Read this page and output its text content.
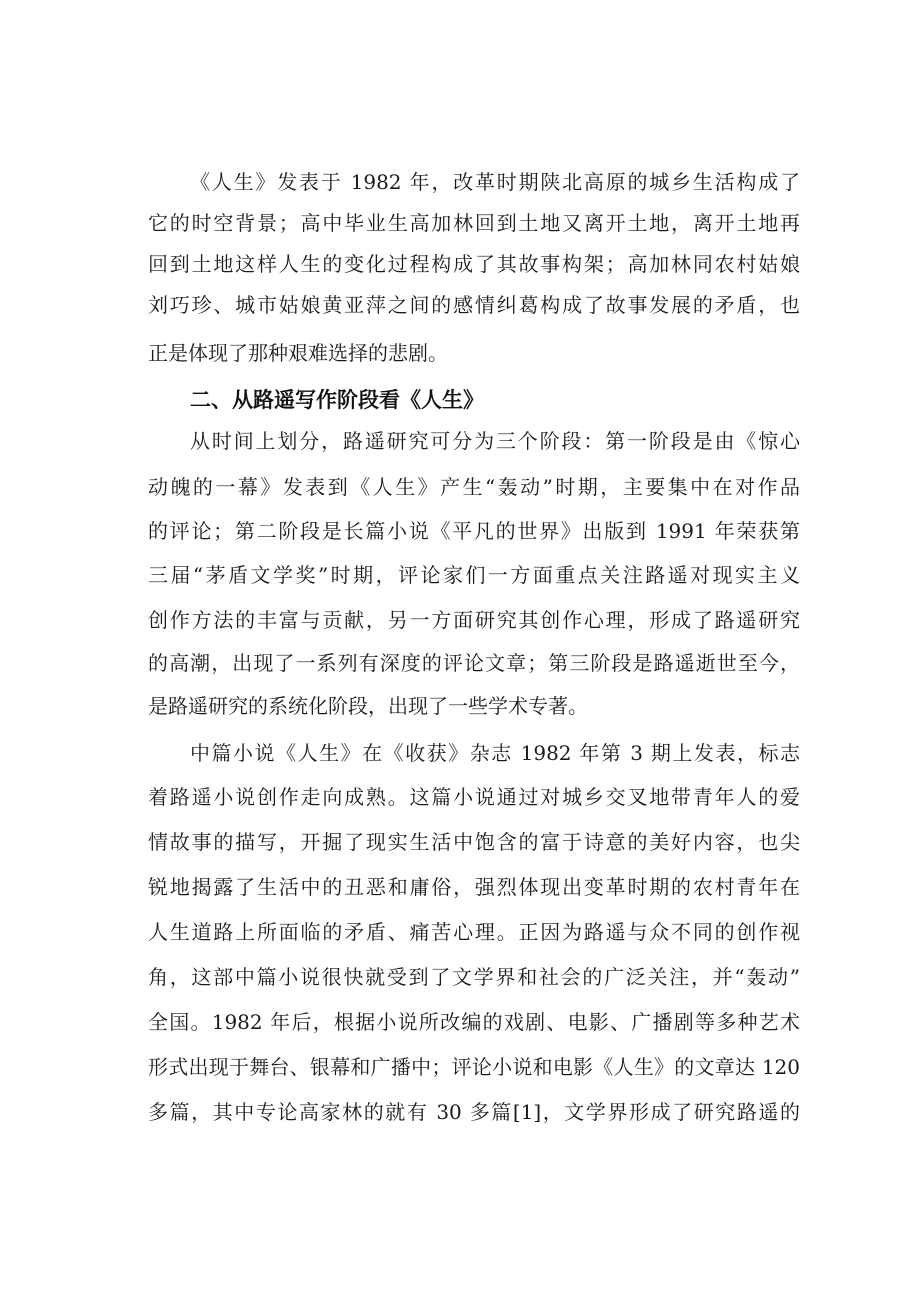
《人生》发表于 1982 年，改革时期陕北高原的城乡生活构成了
它的时空背景；高中毕业生高加林回到土地又离开土地，离开土地再
回到土地这样人生的变化过程构成了其故事构架；高加林同农村姑娘
刘巧珍、城市姑娘黄亚萍之间的感情纠葛构成了故事发展的矛盾，也
正是体现了那种艰难选择的悲剧。
二、从路遥写作阶段看《人生》
从时间上划分，路遥研究可分为三个阶段：第一阶段是由《惊心
动魄的一幕》发表到《人生》产生“轰动”时期，主要集中在对作品
的评论；第二阶段是长篇小说《平凡的世界》出版到 1991 年荣获第
三届“茅盾文学奖”时期，评论家们一方面重点关注路遥对现实主义
创作方法的丰富与贡献，另一方面研究其创作心理，形成了路遥研究
的高潮，出现了一系列有深度的评论文章；第三阶段是路遥逝世至今，
是路遥研究的系统化阶段，出现了一些学术专著。
中篇小说《人生》在《收获》杂志 1982 年第 3 期上发表，标志
着路遥小说创作走向成熟。这篇小说通过对城乡交叉地带青年人的爱
情故事的描写，开掘了现实生活中饱含的富于诗意的美好内容，也尖
锐地揭露了生活中的丑恶和庸俗，强烈体现出变革时期的农村青年在
人生道路上所面临的矛盾、痛苦心理。正因为路遥与众不同的创作视
角，这部中篇小说很快就受到了文学界和社会的广泛关注，并“轰动”
全国。1982 年后，根据小说所改编的戏剧、电影、广播剧等多种艺术
形式出现于舞台、银幕和广播中；评论小说和电影《人生》的文章达 120
多篇，其中专论高家林的就有 30 多篇[1]，文学界形成了研究路遥的
